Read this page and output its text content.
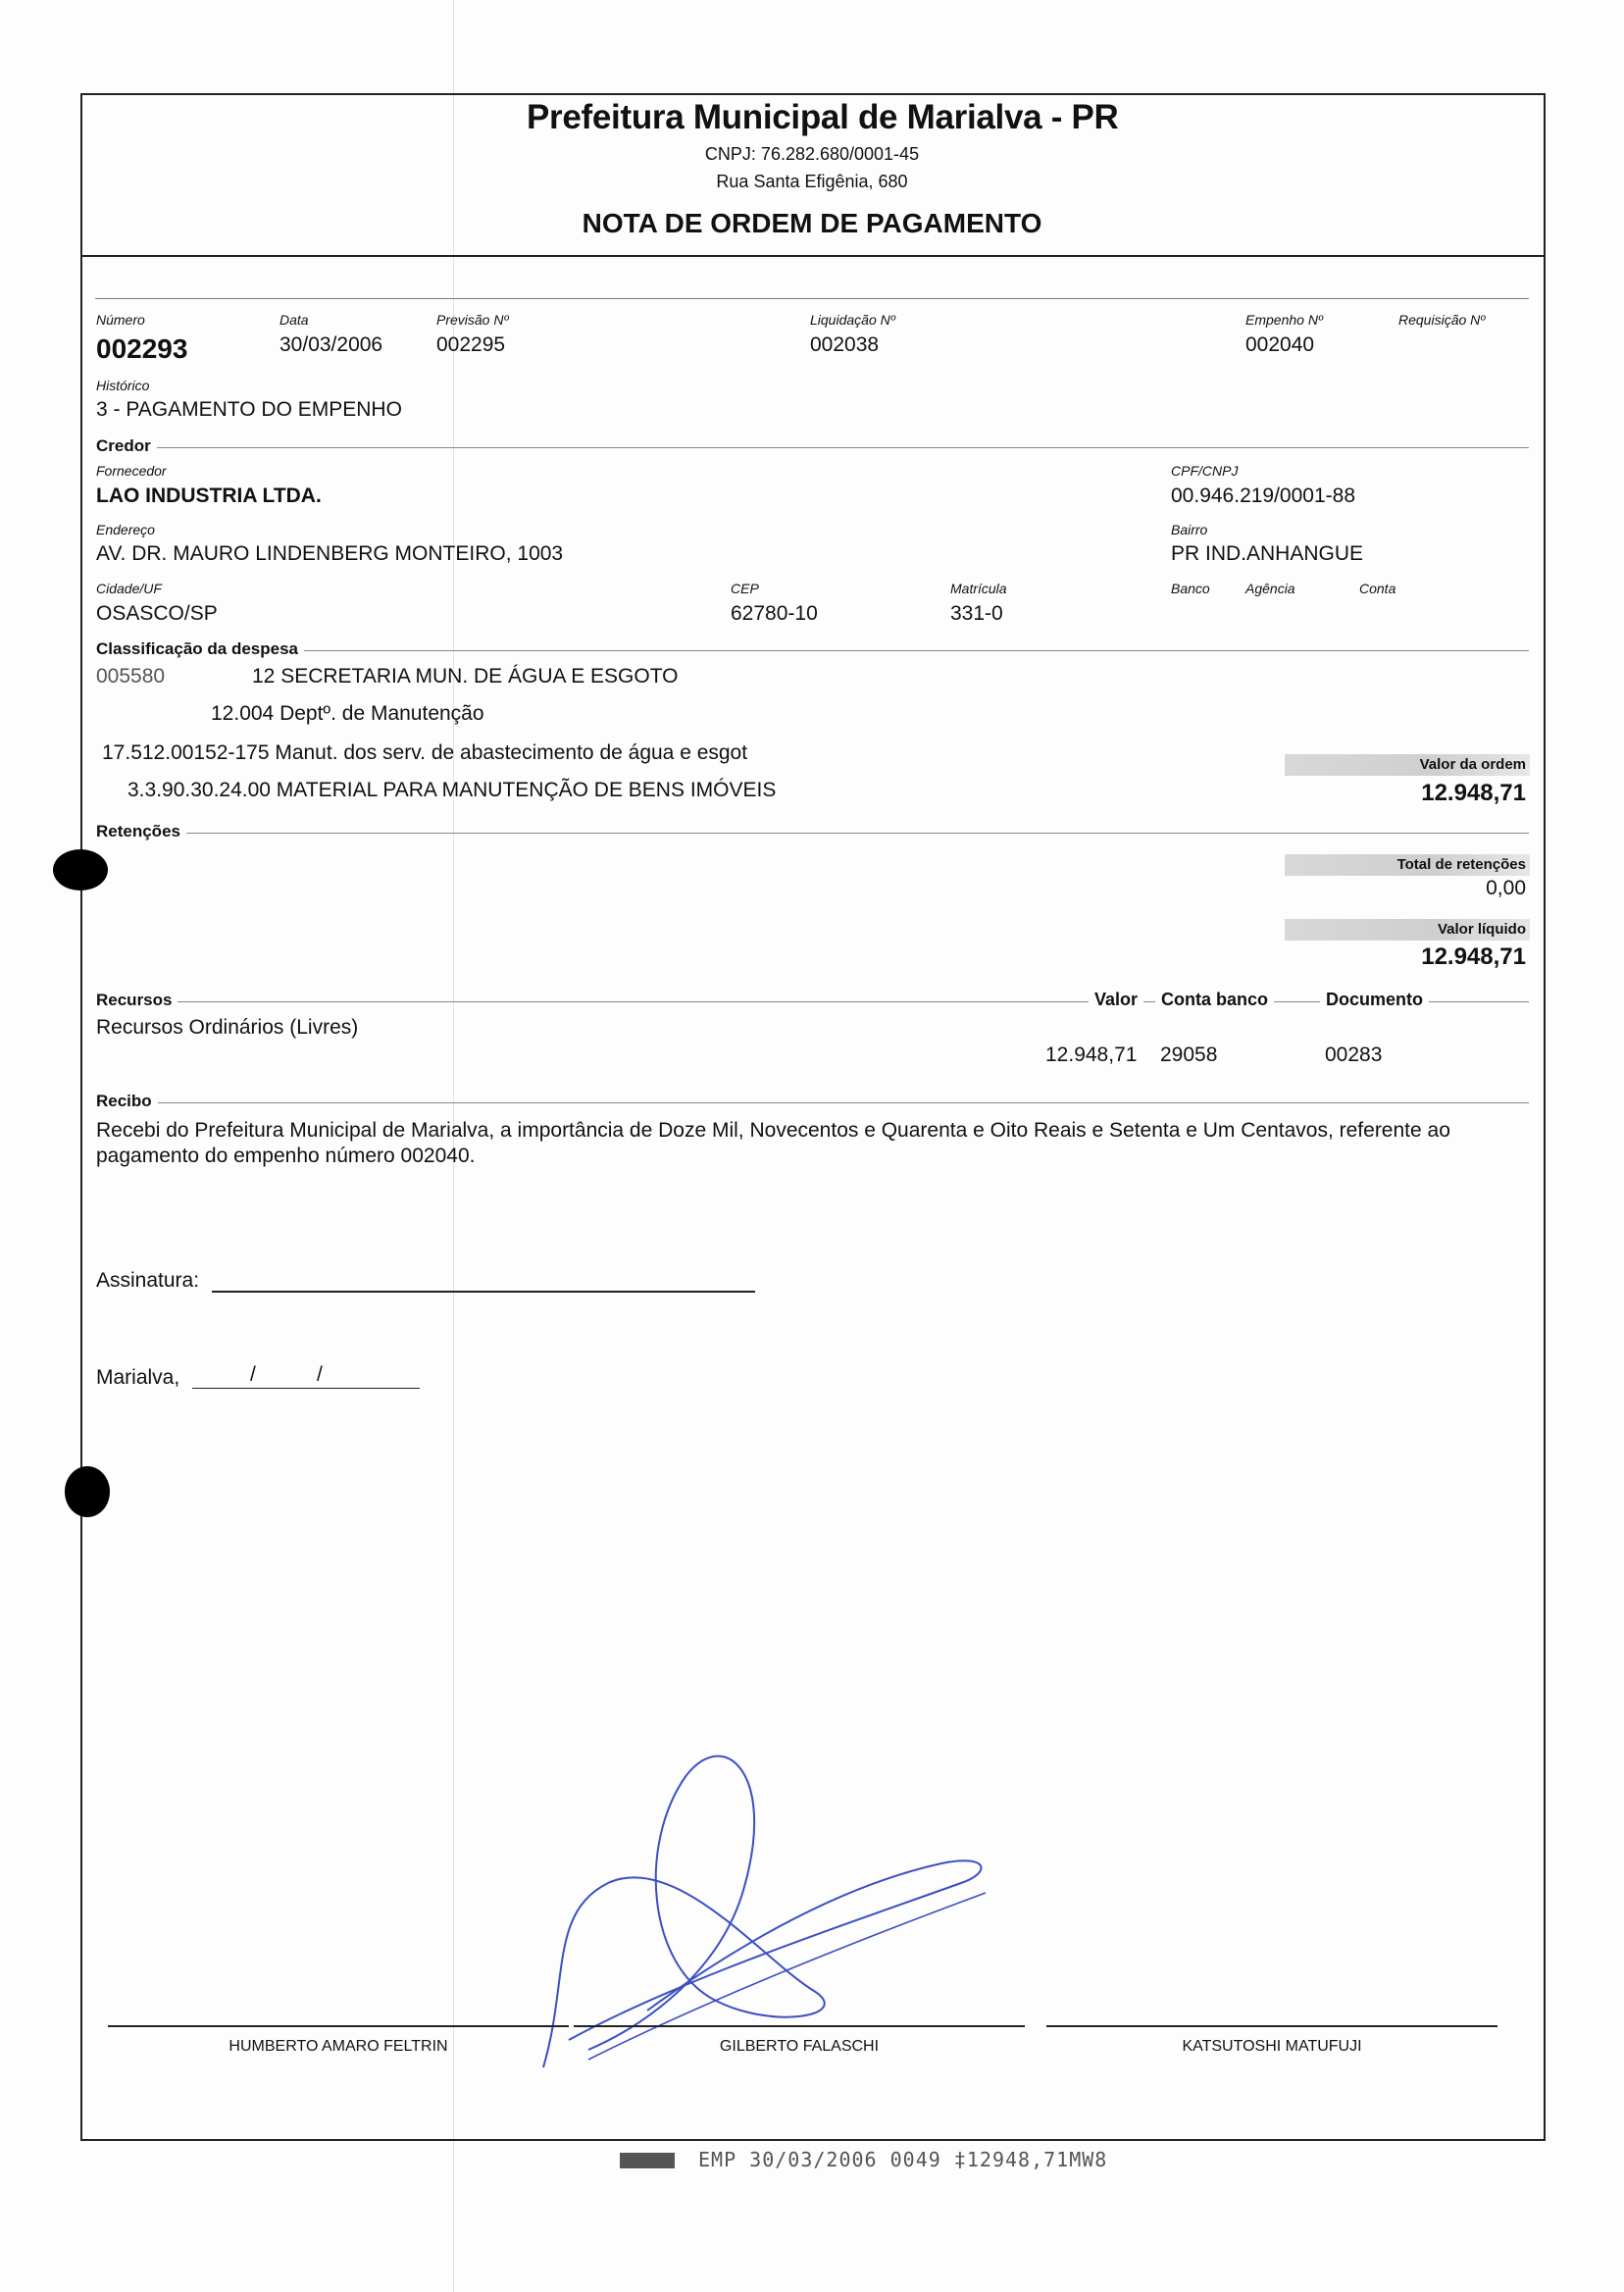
Prefeitura Municipal de Marialva - PR
CNPJ: 76.282.680/0001-45
Rua Santa Efigênia, 680
NOTA DE ORDEM DE PAGAMENTO
Número
002293
Data
30/03/2006
Previsão Nº
002295
Liquidação Nº
002038
Empenho Nº
002040
Requisição Nº
Histórico
3 - PAGAMENTO DO EMPENHO
Credor
Fornecedor
LAO INDUSTRIA LTDA.
CPF/CNPJ
00.946.219/0001-88
Endereço
AV. DR. MAURO LINDENBERG MONTEIRO, 1003
Bairro
PR IND.ANHANGUE
Cidade/UF
OSASCO/SP
CEP
62780-10
Matrícula
331-0
Banco	Agência	Conta
Classificação da despesa
005580	12 SECRETARIA MUN. DE ÁGUA E ESGOTO
12.004 Deptº. de Manutenção
17.512.00152-175 Manut. dos serv. de abastecimento de água e esgot
3.3.90.30.24.00 MATERIAL PARA MANUTENÇÃO DE BENS IMÓVEIS
Valor da ordem
12.948,71
Retenções
Total de retenções
0,00
Valor líquido
12.948,71
Recursos	Valor	Conta banco	Documento
Recursos Ordinários (Livres)
12.948,71 29058	00283
Recibo
Recebi do Prefeitura Municipal de Marialva, a importância de Doze Mil, Novecentos e Quarenta e Oito Reais e Setenta e Um Centavos, referente ao pagamento do empenho número 002040.
Assinatura:
Marialva,	/	/
HUMBERTO AMARO FELTRIN	GILBERTO FALASCHI	KATSUTOSHI MATUFUJI
EMP 30/03/2006 0049 ‡12948,71MW8
